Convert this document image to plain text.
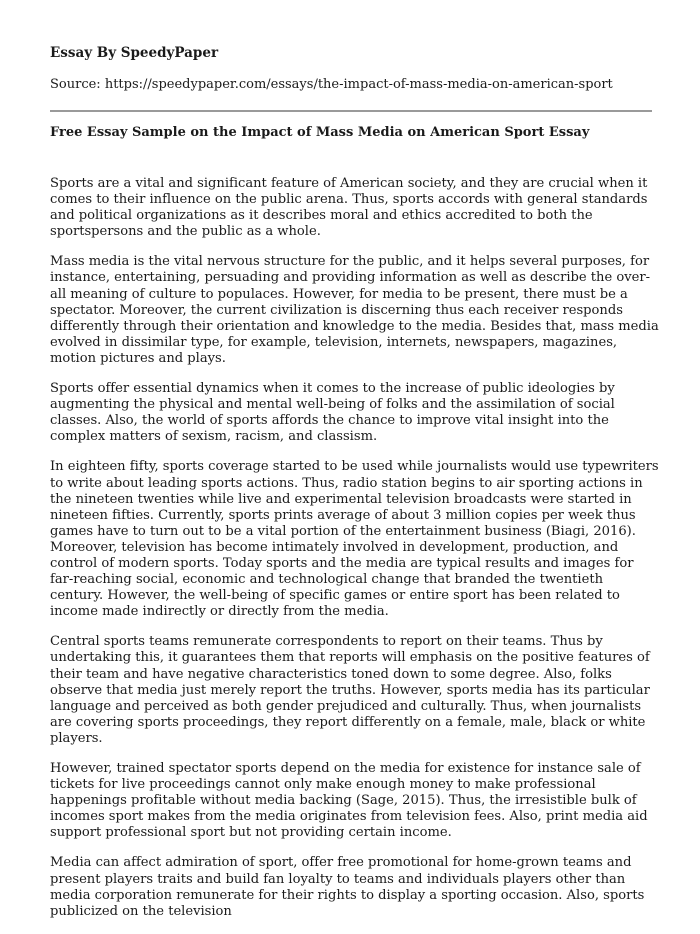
Essay By SpeedyPaper
Source: https://speedypaper.com/essays/the-impact-of-mass-media-on-american-sport
Free Essay Sample on the Impact of Mass Media on American Sport Essay

Sports are a vital and significant feature of American society, and they are crucial when it comes to their influence on the public arena. Thus, sports accords with general standards and political organizations as it describes moral and ethics accredited to both the sportspersons and the public as a whole.

Mass media is the vital nervous structure for the public, and it helps several purposes, for instance, entertaining, persuading and providing information as well as describe the over-all meaning of culture to populaces. However, for media to be present, there must be a spectator. Moreover, the current civilization is discerning thus each receiver responds differently through their orientation and knowledge to the media. Besides that, mass media evolved in dissimilar type, for example, television, internets, newspapers, magazines, motion pictures and plays.

Sports offer essential dynamics when it comes to the increase of public ideologies by augmenting the physical and mental well-being of folks and the assimilation of social classes. Also, the world of sports affords the chance to improve vital insight into the complex matters of sexism, racism, and classism.

In eighteen fifty, sports coverage started to be used while journalists would use typewriters to write about leading sports actions. Thus, radio station begins to air sporting actions in the nineteen twenties while live and experimental television broadcasts were started in nineteen fifties. Currently, sports prints average of about 3 million copies per week thus games have to turn out to be a vital portion of the entertainment business (Biagi, 2016). Moreover, television has become intimately involved in development, production, and control of modern sports. Today sports and the media are typical results and images for far-reaching social, economic and technological change that branded the twentieth century. However, the well-being of specific games or entire sport has been related to income made indirectly or directly from the media.

Central sports teams remunerate correspondents to report on their teams. Thus by undertaking this, it guarantees them that reports will emphasis on the positive features of their team and have negative characteristics toned down to some degree. Also, folks observe that media just merely report the truths. However, sports media has its particular language and perceived as both gender prejudiced and culturally. Thus, when journalists are covering sports proceedings, they report differently on a female, male, black or white players.

However, trained spectator sports depend on the media for existence for instance sale of tickets for live proceedings cannot only make enough money to make professional happenings profitable without media backing (Sage, 2015). Thus, the irresistible bulk of incomes sport makes from the media originates from television fees. Also, print media aid support professional sport but not providing certain income.

Media can affect admiration of sport, offer free promotional for home-grown teams and present players traits and build fan loyalty to teams and individuals players other than media corporation remunerate for their rights to display a sporting occasion. Also, sports publicized on the television
